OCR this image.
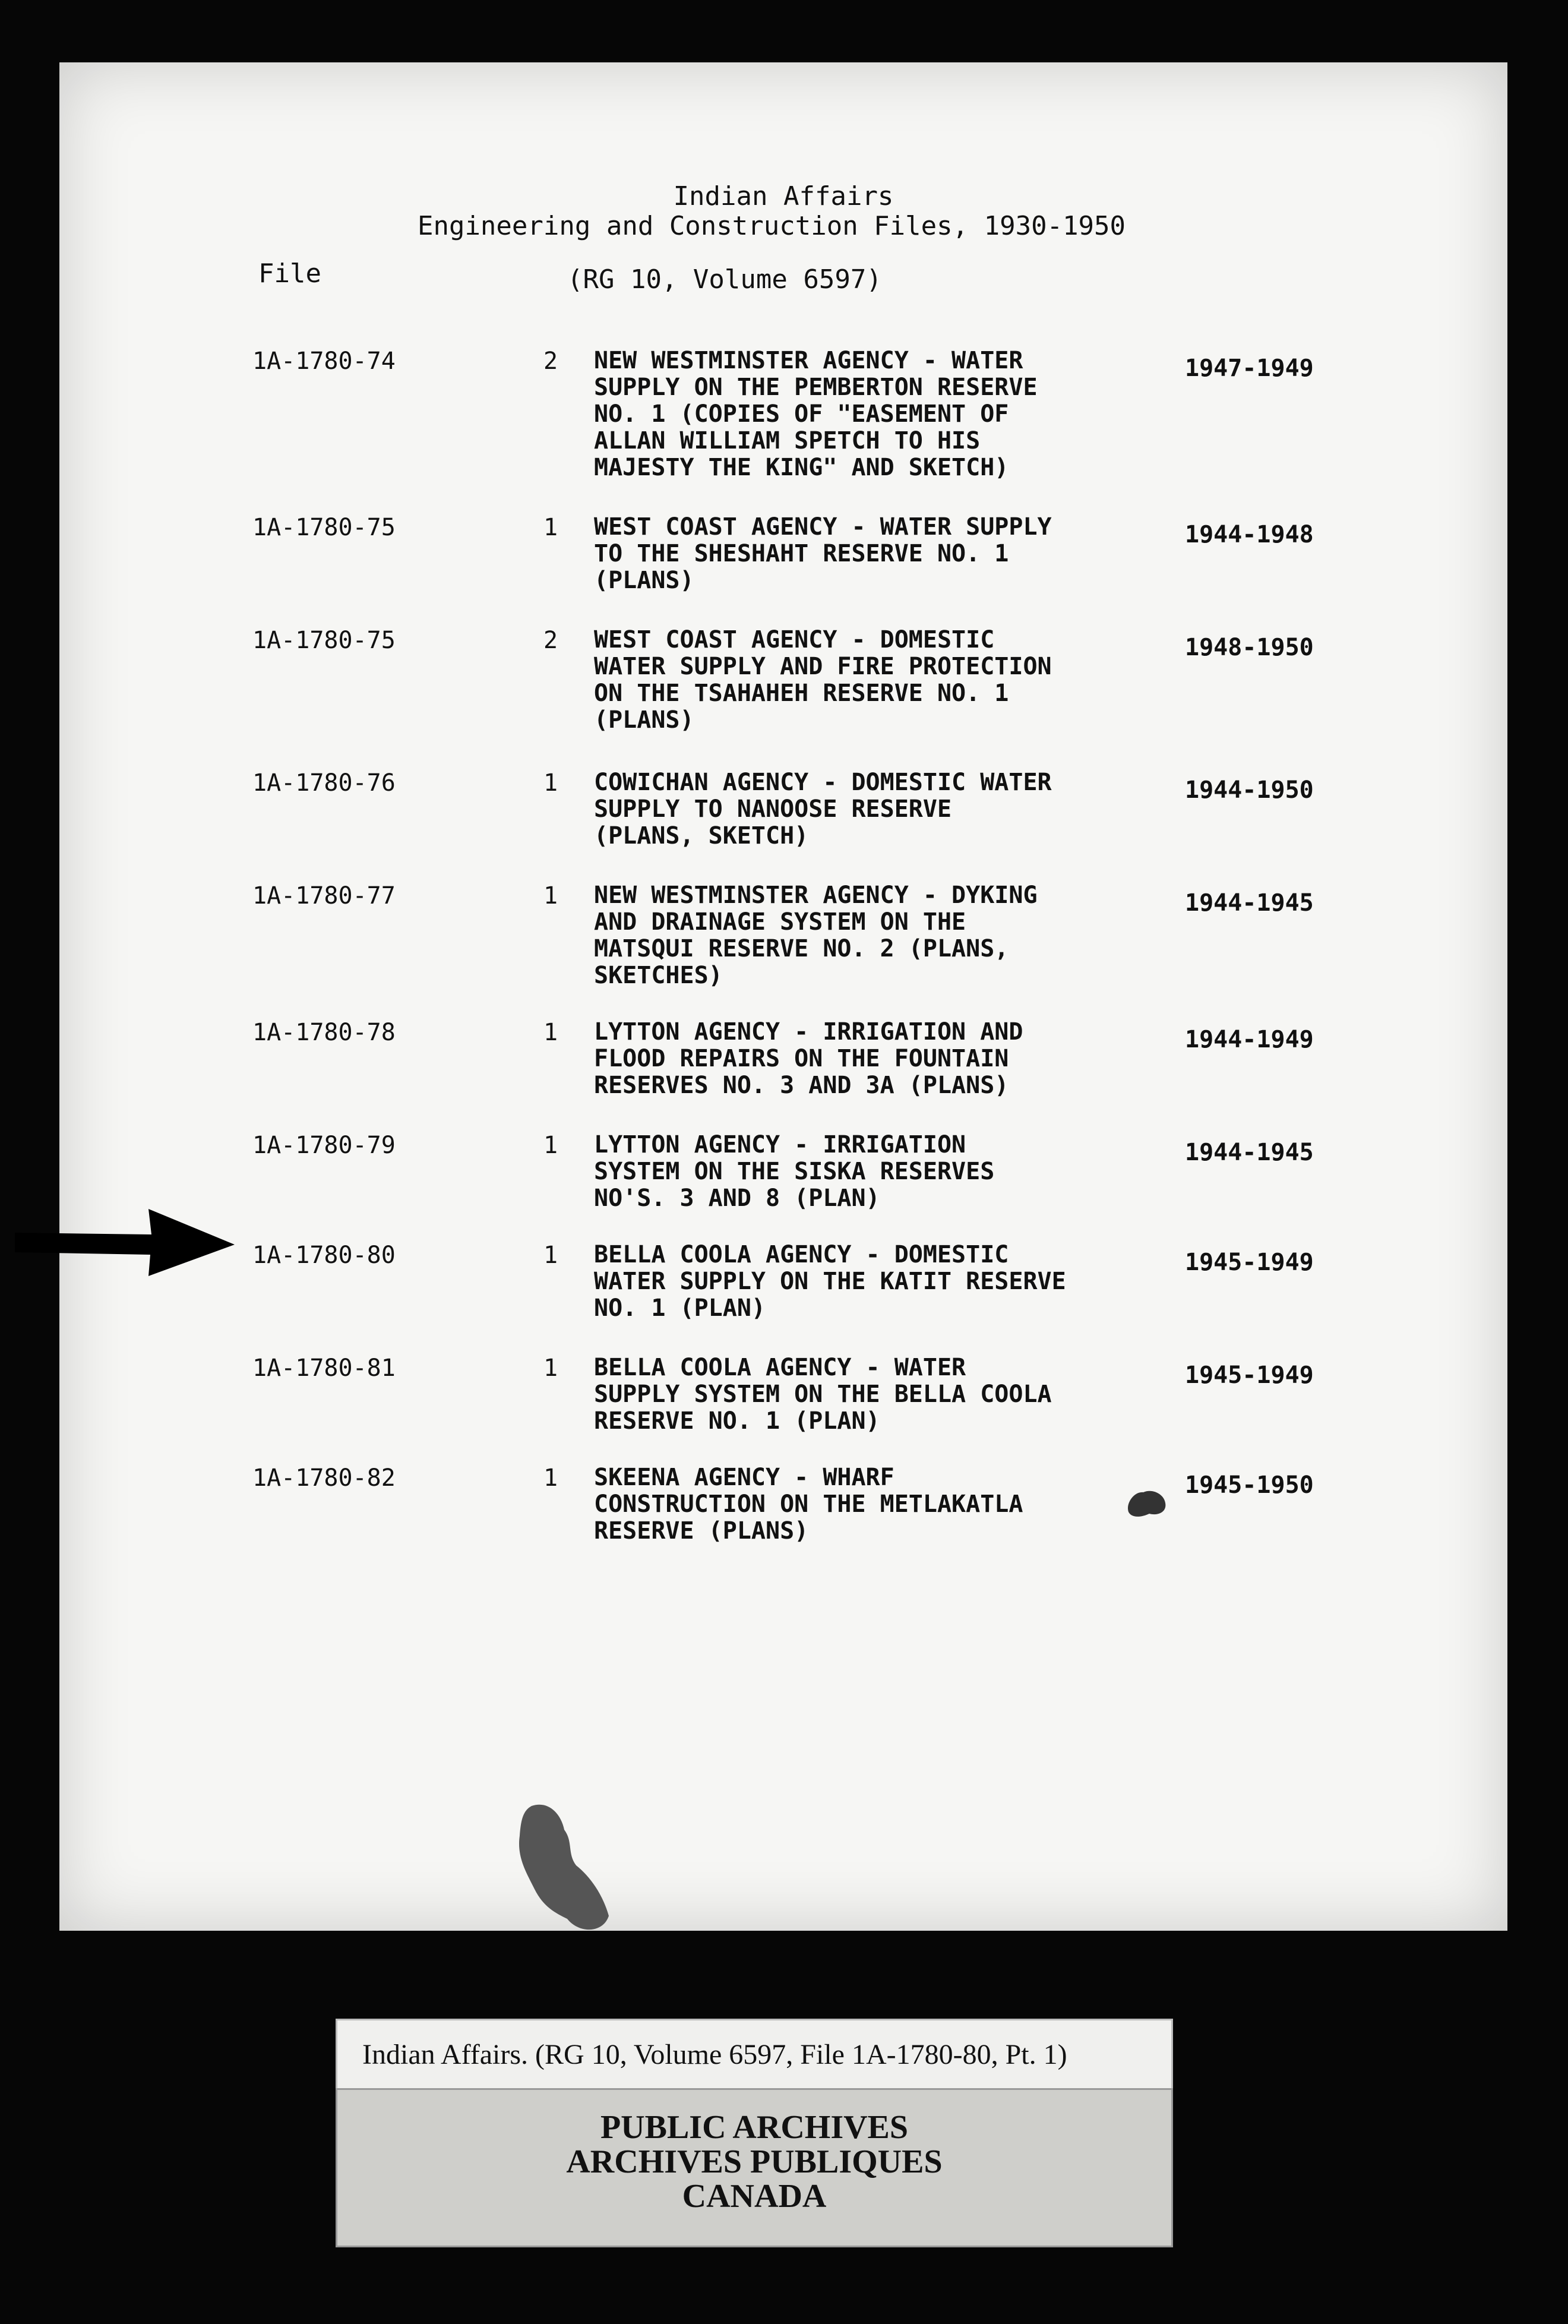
Indian Affairs
Engineering and Construction Files, 1930-1950
File	(RG 10, Volume 6597)
1A-1780-74	2 NEW WESTMINSTER AGENCY - WATER
SUPPLY ON THE PEMBERTON RESERVE
NO. 1 (COPIES OF "EASEMENT OF
ALLAN WILLIAM SPETCH TO HIS
MAJESTY THE KING" AND SKETCH)
1947-1949
1A-1780-75	1 WEST COAST AGENCY - WATER SUPPLY
TO THE SHESHAHT RESERVE NO. 1
(PLANS)
1944-1948
1A-1780-75	2 WEST COAST AGENCY - DOMESTIC
WATER SUPPLY AND FIRE PROTECTION
ON THE TSAHAHEH RESERVE NO. 1
(PLANS)
1948-1950
1A-1780-76	1 COWICHAN AGENCY - DOMESTIC WATER
SUPPLY TO NANOOSE RESERVE
(PLANS, SKETCH)
1944-1950
1A-1780-77	1 NEW WESTMINSTER AGENCY - DYKING
AND DRAINAGE SYSTEM ON THE
MATSQUI RESERVE NO. 2 (PLANS,
SKETCHES)
1944-1945
1A-1780-78	1 LYTTON AGENCY - IRRIGATION AND
FLOOD REPAIRS ON THE FOUNTAIN
RESERVES NO. 3 AND 3A (PLANS)
1944-1949
1A-1780-79	1 LYTTON AGENCY - IRRIGATION
SYSTEM ON THE SISKA RESERVES
NO'S. 3 AND 8 (PLAN)
1944-1945
1A-1780-80	1 BELLA COOLA AGENCY - DOMESTIC
WATER SUPPLY ON THE KATIT RESERVE
NO. 1 (PLAN)
1945-1949
1A-1780-81	1 BELLA COOLA AGENCY - WATER
SUPPLY SYSTEM ON THE BELLA COOLA
RESERVE NO. 1 (PLAN)
1945-1949
1A-1780-82	1 SKEENA AGENCY - WHARF
CONSTRUCTION ON THE METLAKATLA
RESERVE (PLANS)
1945-1950
Indian Affairs. (RG 10, Volume 6597, File 1A-1780-80, Pt. 1)
PUBLIC ARCHIVES
ARCHIVES PUBLIQUES
CANADA
